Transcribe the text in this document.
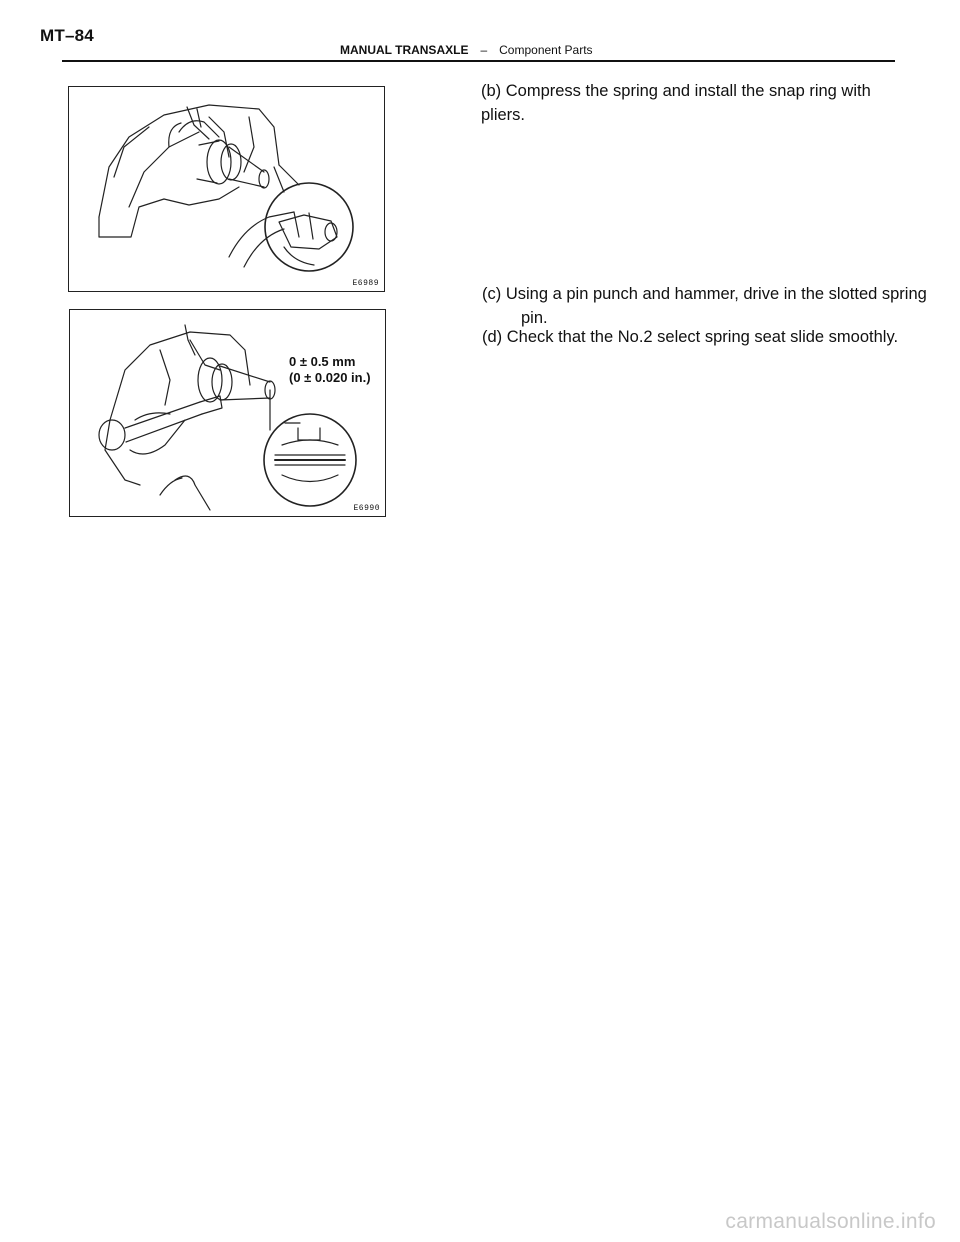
MT–84
MANUAL TRANSAXLE – Component Parts
E6989
0 ± 0.5 mm
(0 ± 0.020 in.)
E6990
(b) Compress the spring and install the snap ring with pliers.
(c) Using a pin punch and hammer, drive in the slotted spring
pin.
(d) Check that the No.2 select spring seat slide smoothly.
carmanualsonline.info
